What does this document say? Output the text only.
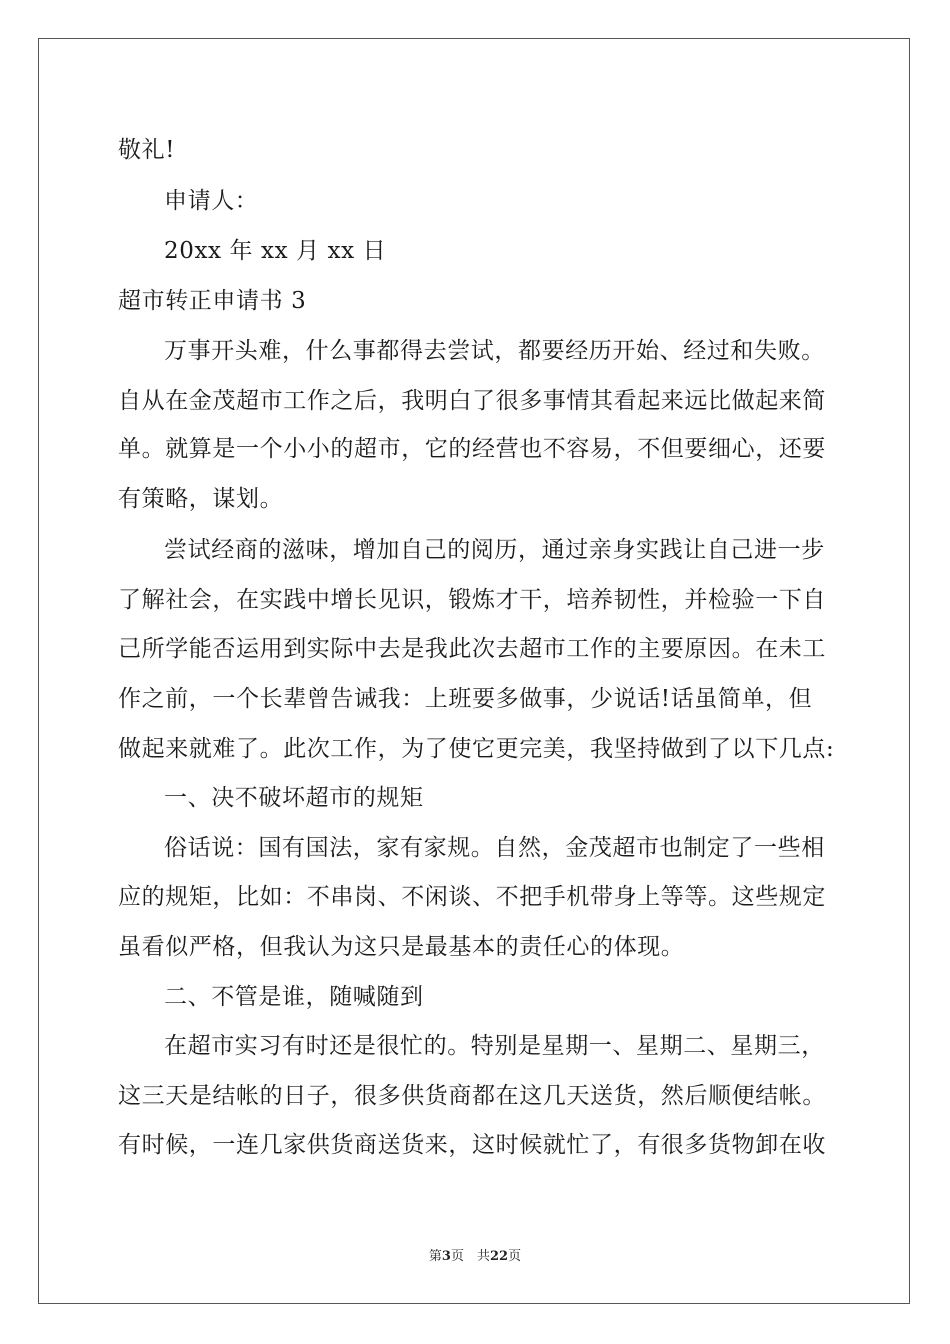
敬礼!
申请人：
20xx 年 xx 月 xx 日
超市转正申请书 3
万事开头难，什么事都得去尝试，都要经历开始、经过和失败。
自从在金茂超市工作之后，我明白了很多事情其看起来远比做起来简
单。就算是一个小小的超市，它的经营也不容易，不但要细心，还要
有策略，谋划。
尝试经商的滋味，增加自己的阅历，通过亲身实践让自己进一步
了解社会，在实践中增长见识，锻炼才干，培养韧性，并检验一下自
己所学能否运用到实际中去是我此次去超市工作的主要原因。在未工
作之前，一个长辈曾告诫我：上班要多做事，少说话!话虽简单，但
做起来就难了。此次工作，为了使它更完美，我坚持做到了以下几点:
一、决不破坏超市的规矩
俗话说：国有国法，家有家规。自然，金茂超市也制定了一些相
应的规矩，比如：不串岗、不闲谈、不把手机带身上等等。这些规定
虽看似严格，但我认为这只是最基本的责任心的体现。
二、不管是谁，随喊随到
在超市实习有时还是很忙的。特别是星期一、星期二、星期三，
这三天是结帐的日子，很多供货商都在这几天送货，然后顺便结帐。
有时候，一连几家供货商送货来，这时候就忙了，有很多货物卸在收
第3页　共22页
